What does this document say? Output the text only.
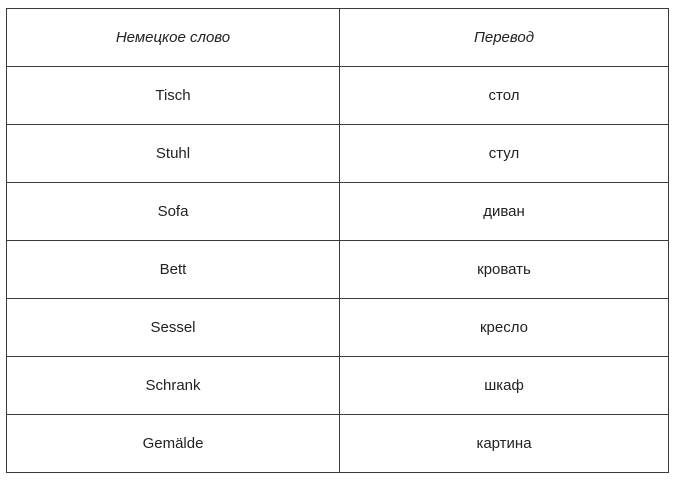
Немецкое слово	Перевод
Tisch	стол
Stuhl	стул
Sofa	диван
Bett	кровать
Sessel	кресло
Schrank	шкаф
Gemälde	картина
